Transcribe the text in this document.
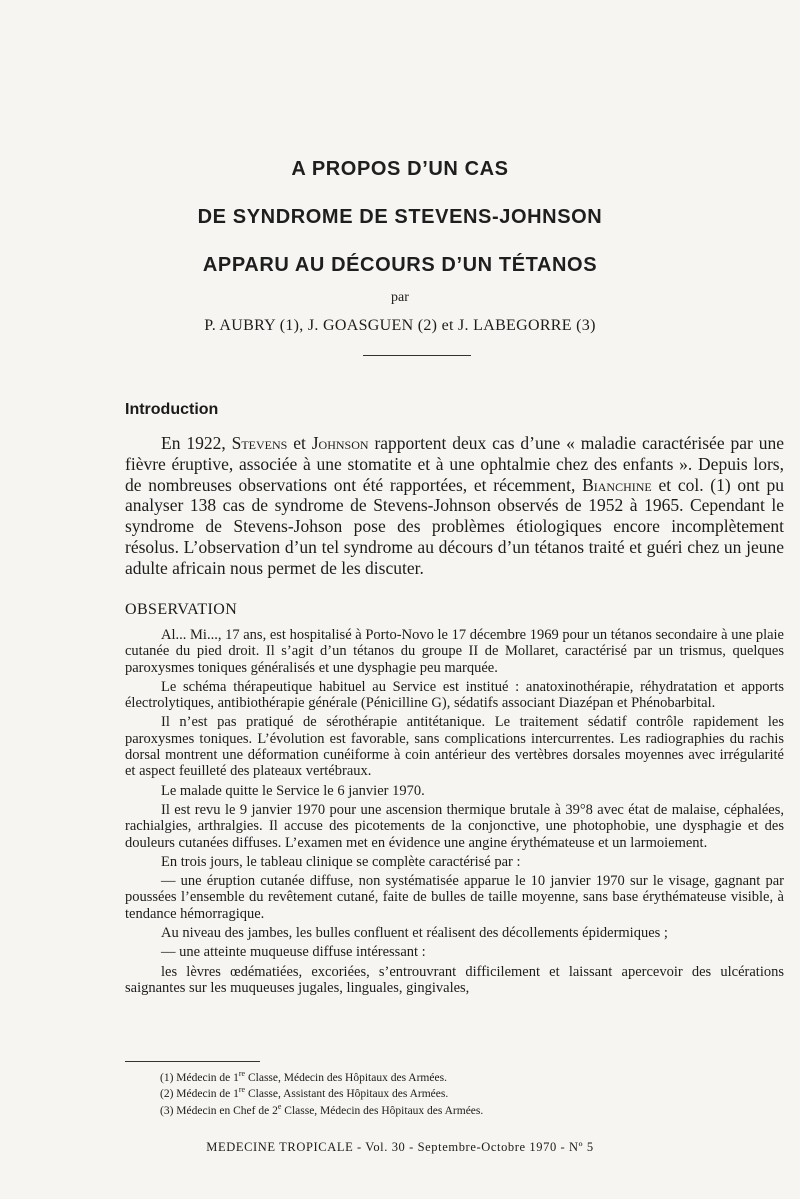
A PROPOS D’UN CAS
DE SYNDROME DE STEVENS-JOHNSON
APPARU AU DÉCOURS D’UN TÉTANOS
par
P. AUBRY (1), J. GOASGUEN (2) et J. LABEGORRE (3)
Introduction

En 1922, Stevens et Johnson rapportent deux cas d’une « maladie caractérisée par une fièvre éruptive, associée à une stomatite et à une ophtalmie chez des enfants ». Depuis lors, de nombreuses observations ont été rapportées, et récemment, Bianchine et col. (1) ont pu analyser 138 cas de syndrome de Stevens-Johnson observés de 1952 à 1965. Cependant le syndrome de Stevens-Johson pose des problèmes étiologiques encore incomplètement résolus. L’observation d’un tel syndrome au décours d’un tétanos traité et guéri chez un jeune adulte africain nous permet de les discuter.

OBSERVATION

Al... Mi..., 17 ans, est hospitalisé à Porto-Novo le 17 décembre 1969 pour un tétanos secondaire à une plaie cutanée du pied droit. Il s’agit d’un tétanos du groupe II de Mollaret, caractérisé par un trismus, quelques paroxysmes toniques généralisés et une dysphagie peu marquée.

Le schéma thérapeutique habituel au Service est institué : anatoxinothérapie, réhydratation et apports électrolytiques, antibiothérapie générale (Pénicilline G), sédatifs associant Diazépan et Phénobarbital.

Il n’est pas pratiqué de sérothérapie antitétanique. Le traitement sédatif contrôle rapidement les paroxysmes toniques. L’évolution est favorable, sans complications intercurrentes. Les radiographies du rachis dorsal montrent une déformation cunéiforme à coin antérieur des vertèbres dorsales moyennes avec irrégularité et aspect feuilleté des plateaux vertébraux.

Le malade quitte le Service le 6 janvier 1970.

Il est revu le 9 janvier 1970 pour une ascension thermique brutale à 39°8 avec état de malaise, céphalées, rachialgies, arthralgies. Il accuse des picotements de la conjonctive, une photophobie, une dysphagie et des douleurs cutanées diffuses. L’examen met en évidence une angine érythémateuse et un larmoiement.

En trois jours, le tableau clinique se complète caractérisé par :

— une éruption cutanée diffuse, non systématisée apparue le 10 janvier 1970 sur le visage, gagnant par poussées l’ensemble du revêtement cutané, faite de bulles de taille moyenne, sans base érythémateuse visible, à tendance hémorragique.

Au niveau des jambes, les bulles confluent et réalisent des décollements épidermiques ;

— une atteinte muqueuse diffuse intéressant :

les lèvres œdématiées, excoriées, s’entrouvrant difficilement et laissant apercevoir des ulcérations saignantes sur les muqueuses jugales, linguales, gingivales,

(1) Médecin de 1re Classe, Médecin des Hôpitaux des Armées.
(2) Médecin de 1re Classe, Assistant des Hôpitaux des Armées.
(3) Médecin en Chef de 2e Classe, Médecin des Hôpitaux des Armées.
MEDECINE TROPICALE - Vol. 30 - Septembre-Octobre 1970 - Nº 5
